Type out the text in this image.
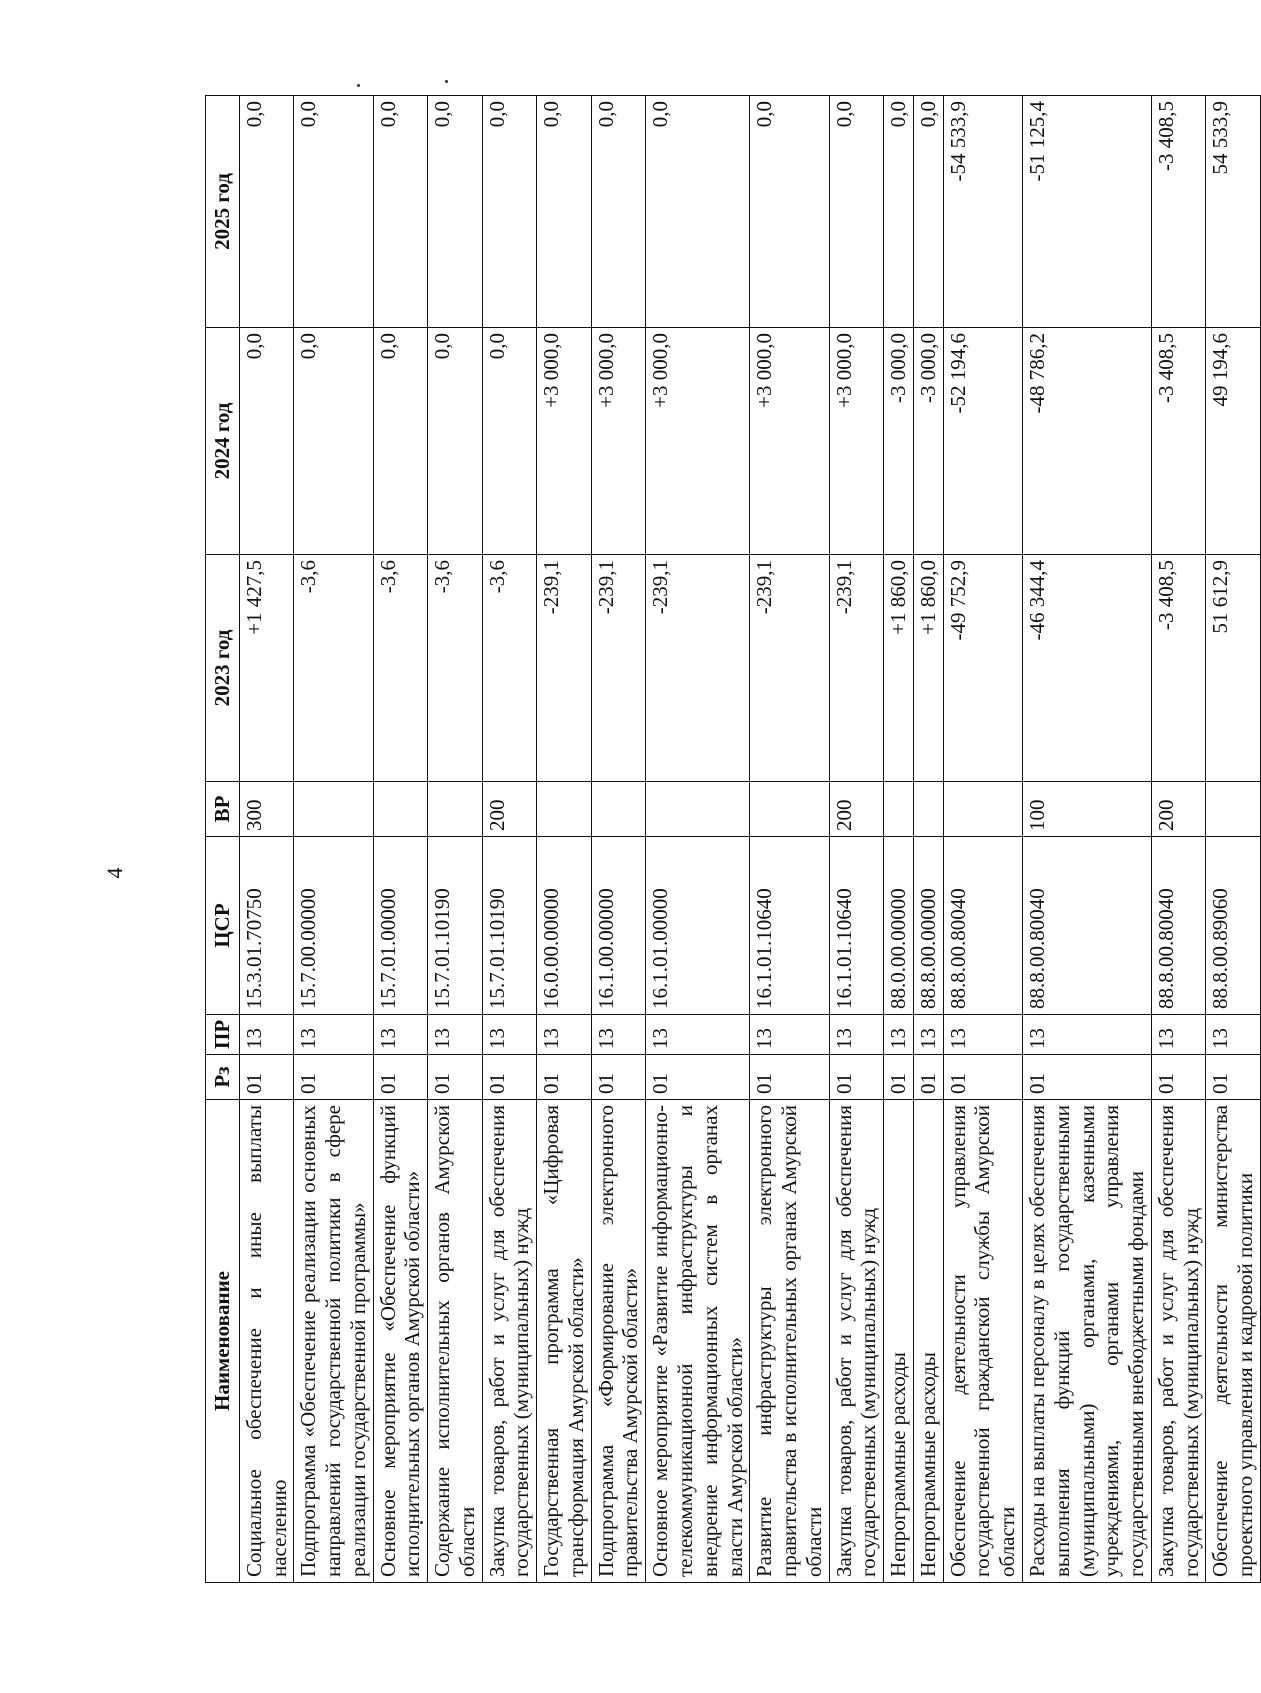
4
Наименование	Рз	ПР	ЦСР	ВР	2023 год	2024 год	2025 год
Социальное обеспечение и иные выплаты населению	01	13	15.3.01.70750	300	+1 427,5	0,0	0,0
Подпрограмма «Обеспечение реализации основных направлений государственной политики в сфере реализации государственной программы»	01	13	15.7.00.00000		-3,6	0,0	0,0
Основное мероприятие «Обеспечение функций исполнительных органов Амурской области»	01	13	15.7.01.00000		-3,6	0,0	0,0
Содержание исполнительных органов Амурской области	01	13	15.7.01.10190		-3,6	0,0	0,0
Закупка товаров, работ и услуг для обеспечения государственных (муниципальных) нужд	01	13	15.7.01.10190	200	-3,6	0,0	0,0
Государственная программа «Цифровая трансформация Амурской области»	01	13	16.0.00.00000		-239,1	+3 000,0	0,0
Подпрограмма «Формирование электронного правительства Амурской области»	01	13	16.1.00.00000		-239,1	+3 000,0	0,0
Основное мероприятие «Развитие информационно-телекоммуникационной инфраструктуры и внедрение информационных систем в органах власти Амурской области»	01	13	16.1.01.00000		-239,1	+3 000,0	0,0
Развитие инфраструктуры электронного правительства в исполнительных органах Амурской области	01	13	16.1.01.10640		-239,1	+3 000,0	0,0
Закупка товаров, работ и услуг для обеспечения государственных (муниципальных) нужд	01	13	16.1.01.10640	200	-239,1	+3 000,0	0,0
Непрограммные расходы	01	13	88.0.00.00000		+1 860,0	-3 000,0	0,0
Непрограммные расходы	01	13	88.8.00.00000		+1 860,0	-3 000,0	0,0
Обеспечение деятельности управления государственной гражданской службы Амурской области	01	13	88.8.00.80040		-49 752,9	-52 194,6	-54 533,9
Расходы на выплаты персоналу в целях обеспечения выполнения функций государственными (муниципальными) органами, казенными учреждениями, органами управления государственными внебюджетными фондами	01	13	88.8.00.80040	100	-46 344,4	-48 786,2	-51 125,4
Закупка товаров, работ и услуг для обеспечения государственных (муниципальных) нужд	01	13	88.8.00.80040	200	-3 408,5	-3 408,5	-3 408,5
Обеспечение деятельности министерства проектного управления и кадровой политики	01	13	88.8.00.89060		51 612,9	49 194,6	54 533,9
